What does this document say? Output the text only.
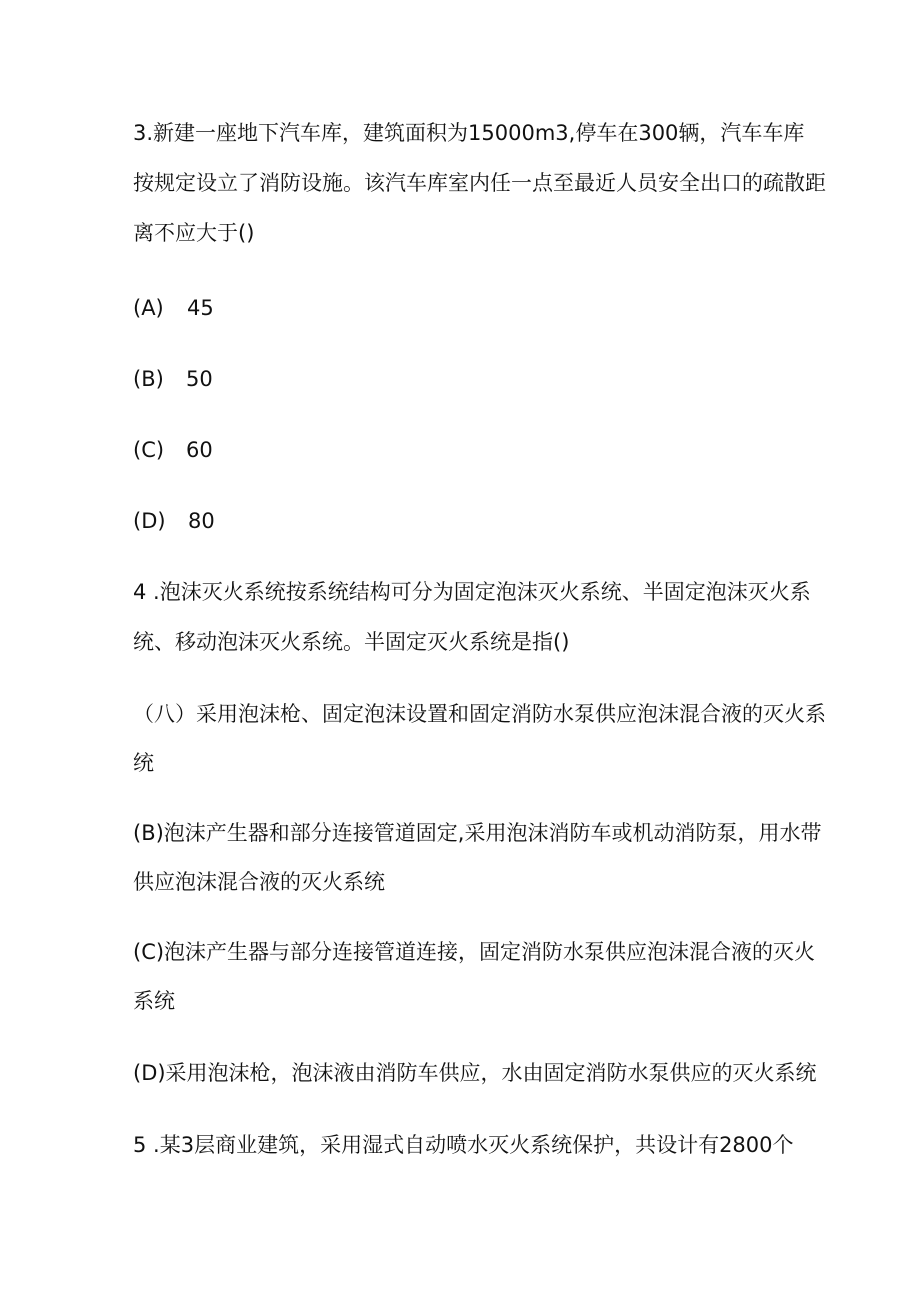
3.新建一座地下汽车库，建筑面积为15000m3,停车在300辆，汽车车库
按规定设立了消防设施。该汽车库室内任一点至最近人员安全出口的疏散距
离不应大于()
(A) 45
(B) 50
(C) 60
(D) 80
4 .泡沫灭火系统按系统结构可分为固定泡沫灭火系统、半固定泡沫灭火系
统、移动泡沫灭火系统。半固定灭火系统是指()
（八）采用泡沫枪、固定泡沫设置和固定消防水泵供应泡沫混合液的灭火系
统
(B)泡沫产生器和部分连接管道固定,采用泡沫消防车或机动消防泵，用水带
供应泡沫混合液的灭火系统
(C)泡沫产生器与部分连接管道连接，固定消防水泵供应泡沫混合液的灭火
系统
(D)采用泡沫枪，泡沫液由消防车供应，水由固定消防水泵供应的灭火系统
5 .某3层商业建筑，采用湿式自动喷水灭火系统保护，共设计有2800个
